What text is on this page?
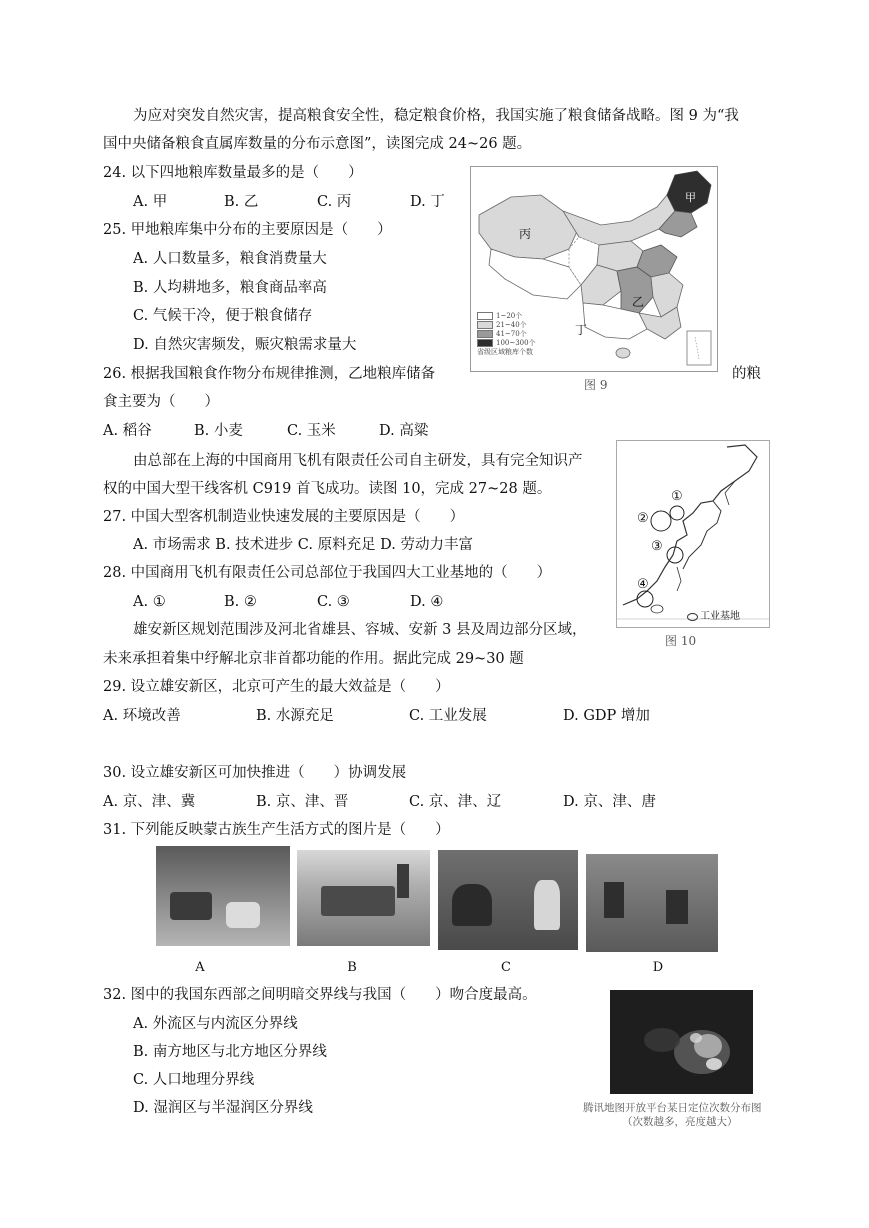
为应对突发自然灾害，提高粮食安全性，稳定粮食价格，我国实施了粮食储备战略。图 9 为“我
国中央储备粮食直属库数量的分布示意图”，读图完成 24~26 题。
24. 以下四地粮库数量最多的是（　　）
A. 甲	B. 乙	C. 丙	D. 丁
25. 甲地粮库集中分布的主要原因是（　　）
A. 人口数量多，粮食消费量大
B. 人均耕地多，粮食商品率高
C. 气候干冷，便于粮食储存
D. 自然灾害频发，赈灾粮需求量大
26. 根据我国粮食作物分布规律推测，乙地粮库储备	的粮
食主要为（　　）
A. 稻谷	B. 小麦	C. 玉米	D. 高粱
甲
乙
丙
丁
1~20个
21~40个
41~70个
100~300个
省级区域粮库个数
图 9
由总部在上海的中国商用飞机有限责任公司自主研发，具有完全知识产
权的中国大型干线客机 C919 首飞成功。读图 10，完成 27~28 题。
27. 中国大型客机制造业快速发展的主要原因是（　　）
A. 市场需求 B. 技术进步 C. 原料充足 D. 劳动力丰富
28. 中国商用飞机有限责任公司总部位于我国四大工业基地的（　　）
A. ①	B. ②	C. ③	D. ④
①
②
③
④
工业基地
图 10
雄安新区规划范围涉及河北省雄县、容城、安新 3 县及周边部分区域，
未来承担着集中纾解北京非首都功能的作用。据此完成 29~30 题
29. 设立雄安新区，北京可产生的最大效益是（　　）
A. 环境改善	B. 水源充足	C. 工业发展	D. GDP 增加
30. 设立雄安新区可加快推进（　　）协调发展
A. 京、津、冀	B. 京、津、晋	C. 京、津、辽	D. 京、津、唐
31. 下列能反映蒙古族生产生活方式的图片是（　　）
A	B	C	D
32. 图中的我国东西部之间明暗交界线与我国（　　）吻合度最高。
A. 外流区与内流区分界线
B. 南方地区与北方地区分界线
C. 人口地理分界线
D. 湿润区与半湿润区分界线	腾讯地图开放平台某日定位次数分布图
（次数越多，亮度越大）
